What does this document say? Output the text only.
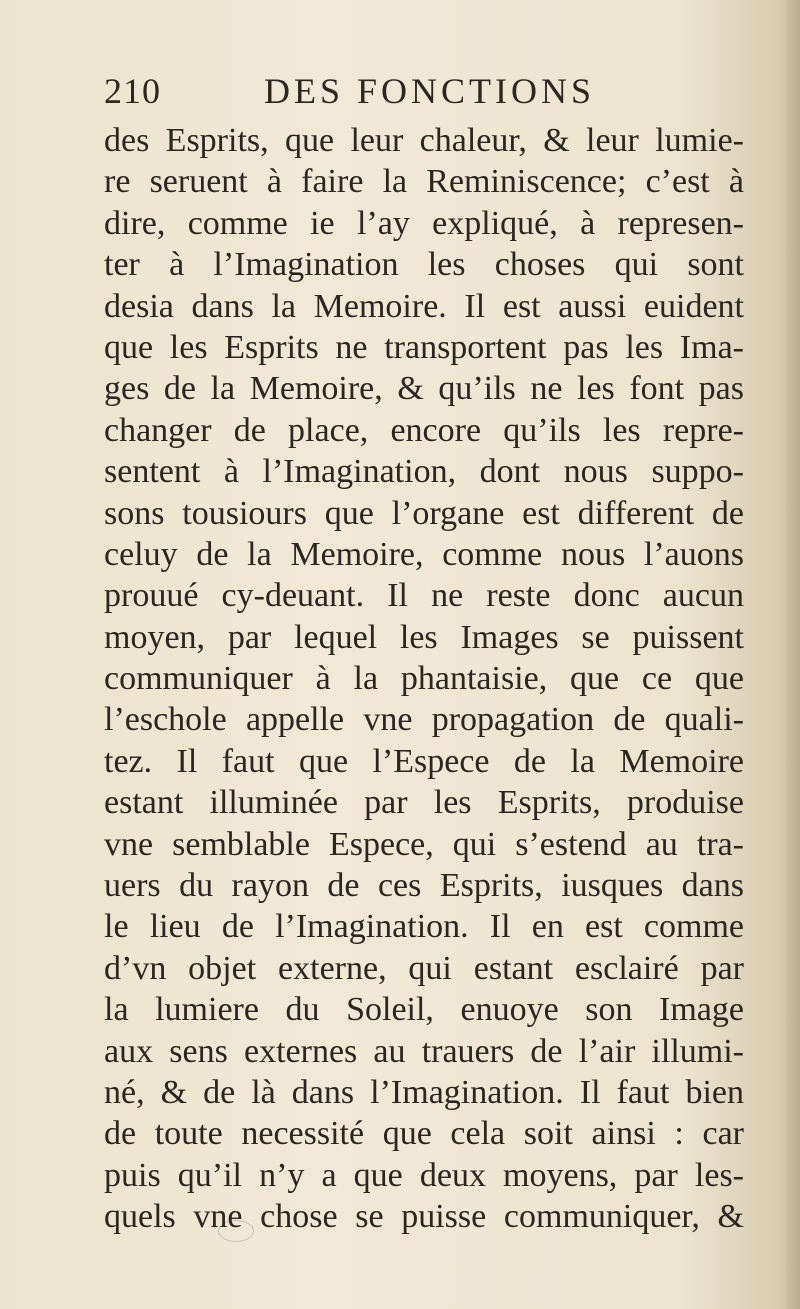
210	DES FONCTIONS
des Esprits, que leur chaleur, & leur lumie-
re seruent à faire la Reminiscence; c’est à
dire, comme ie l’ay expliqué, à represen-
ter à l’Imagination les choses qui sont
desia dans la Memoire. Il est aussi euident
que les Esprits ne transportent pas les Ima-
ges de la Memoire, & qu’ils ne les font pas
changer de place, encore qu’ils les repre-
sentent à l’Imagination, dont nous suppo-
sons tousiours que l’organe est different de
celuy de la Memoire, comme nous l’auons
prouué cy-deuant. Il ne reste donc aucun
moyen, par lequel les Images se puissent
communiquer à la phantaisie, que ce que
l’eschole appelle vne propagation de quali-
tez. Il faut que l’Espece de la Memoire
estant illuminée par les Esprits, produise
vne semblable Espece, qui s’estend au tra-
uers du rayon de ces Esprits, iusques dans
le lieu de l’Imagination. Il en est comme
d’vn objet externe, qui estant esclairé par
la lumiere du Soleil, enuoye son Image
aux sens externes au trauers de l’air illumi-
né, & de là dans l’Imagination. Il faut bien
de toute necessité que cela soit ainsi : car
puis qu’il n’y a que deux moyens, par les-
quels vne chose se puisse communiquer, &
